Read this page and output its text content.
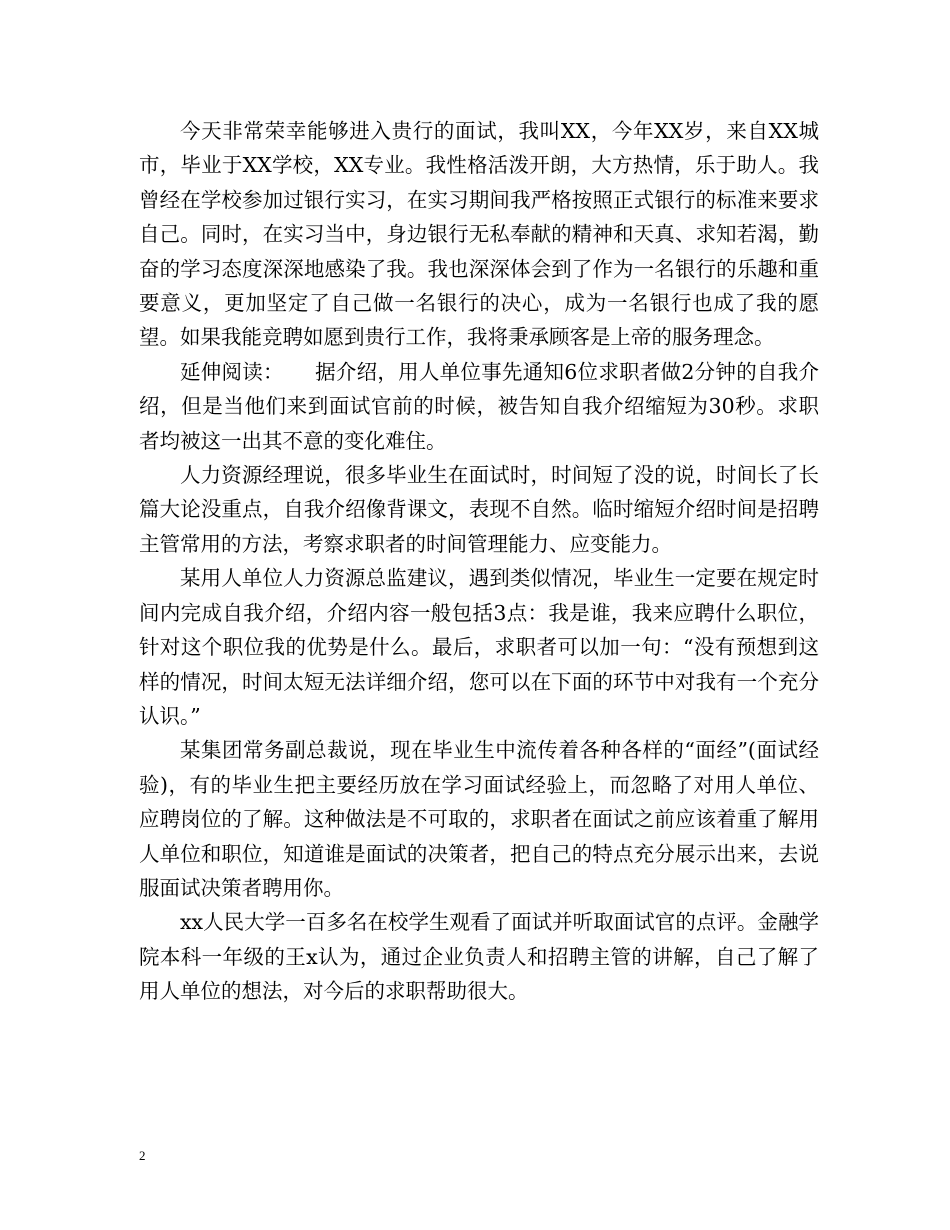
今天非常荣幸能够进入贵行的面试，我叫XX，今年XX岁，来自XX城市，毕业于XX学校，XX专业。我性格活泼开朗，大方热情，乐于助人。我曾经在学校参加过银行实习，在实习期间我严格按照正式银行的标准来要求自己。同时，在实习当中，身边银行无私奉献的精神和天真、求知若渴，勤奋的学习态度深深地感染了我。我也深深体会到了作为一名银行的乐趣和重要意义，更加坚定了自己做一名银行的决心，成为一名银行也成了我的愿望。如果我能竞聘如愿到贵行工作，我将秉承顾客是上帝的服务理念。

延伸阅读：　　据介绍，用人单位事先通知6位求职者做2分钟的自我介绍，但是当他们来到面试官前的时候，被告知自我介绍缩短为30秒。求职者均被这一出其不意的变化难住。

人力资源经理说，很多毕业生在面试时，时间短了没的说，时间长了长篇大论没重点，自我介绍像背课文，表现不自然。临时缩短介绍时间是招聘主管常用的方法，考察求职者的时间管理能力、应变能力。

某用人单位人力资源总监建议，遇到类似情况，毕业生一定要在规定时间内完成自我介绍，介绍内容一般包括3点：我是谁，我来应聘什么职位，针对这个职位我的优势是什么。最后，求职者可以加一句：“没有预想到这样的情况，时间太短无法详细介绍，您可以在下面的环节中对我有一个充分认识。”

某集团常务副总裁说，现在毕业生中流传着各种各样的“面经”(面试经验)，有的毕业生把主要经历放在学习面试经验上，而忽略了对用人单位、应聘岗位的了解。这种做法是不可取的，求职者在面试之前应该着重了解用人单位和职位，知道谁是面试的决策者，把自己的特点充分展示出来，去说服面试决策者聘用你。

xx人民大学一百多名在校学生观看了面试并听取面试官的点评。金融学院本科一年级的王x认为，通过企业负责人和招聘主管的讲解，自己了解了用人单位的想法，对今后的求职帮助很大。

2
